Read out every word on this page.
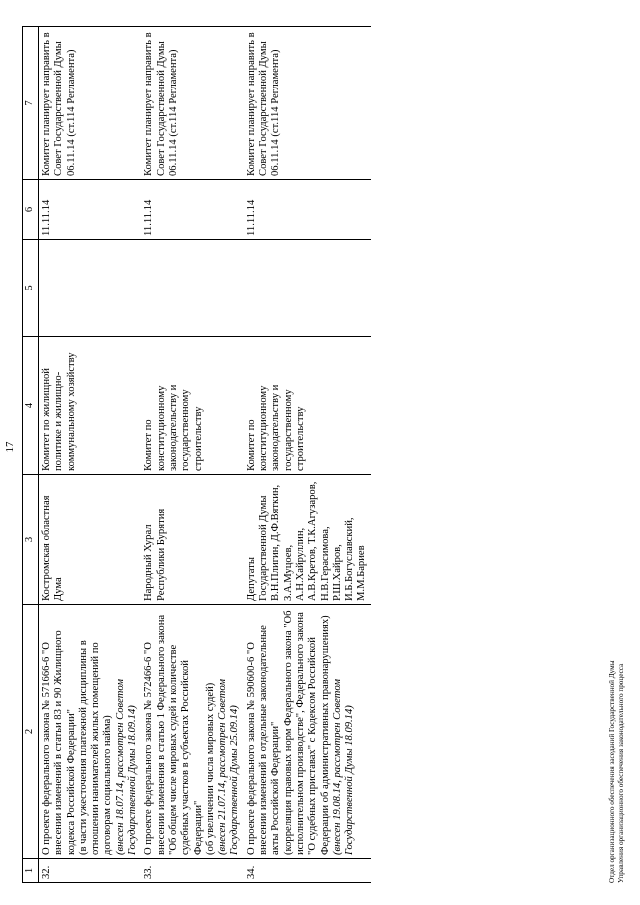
17
1	2	3	4	5	6	7
32.	О проекте федерального закона № 571666-6 "О внесении изменений в статьи 83 и 90 Жилищного кодекса Российской Федерации" (в части ужесточения платежной дисциплины в отношении нанимателей жилых помещений по договорам социального найма) (внесен 18.07.14, рассмотрен Советом Государственной Думы 18.09.14)	Костромская областная Дума	Комитет по жилищной политике и жилищно-коммунальному хозяйству		11.11.14	Комитет планирует направить в Совет Государственной Думы 06.11.14 (ст.114 Регламента)
33.	О проекте федерального закона № 572466-6 "О внесении изменения в статью 1 Федерального закона "Об общем числе мировых судей и количестве судебных участков в субъектах Российской Федерации" (об увеличении числа мировых судей) (внесен 21.07.14, рассмотрен Советом Государственной Думы 25.09.14)	Народный Хурал Республики Бурятия	Комитет по конституционному законодательству и государственному строительству		11.11.14	Комитет планирует направить в Совет Государственной Думы 06.11.14 (ст.114 Регламента)
34.	О проекте федерального закона № 590600-6 "О внесении изменений в отдельные законодательные акты Российской Федерации" (корреляция правовых норм Федерального закона "Об исполнительном производстве", Федерального закона "О судебных приставах" с Кодексом Российской Федерации об административных правонарушениях) (внесен 19.08.14, рассмотрен Советом Государственной Думы 18.09.14)	Депутаты Государственной Думы В.Н.Плигин, Д.Ф.Вяткин, З.А.Муцоев, А.Н.Хайруллин, А.В.Кретов, Т.К.Агузаров, Н.В.Герасимова, Р.Ш.Хайров, И.Б.Богуславский, М.М.Бариев	Комитет по конституционному законодательству и государственному строительству		11.11.14	Комитет планирует направить в Совет Государственной Думы 06.11.14 (ст.114 Регламента)
Отдел организационного обеспечения заседаний Государственной Думы Управления организационного обеспечения законодательного процесса
